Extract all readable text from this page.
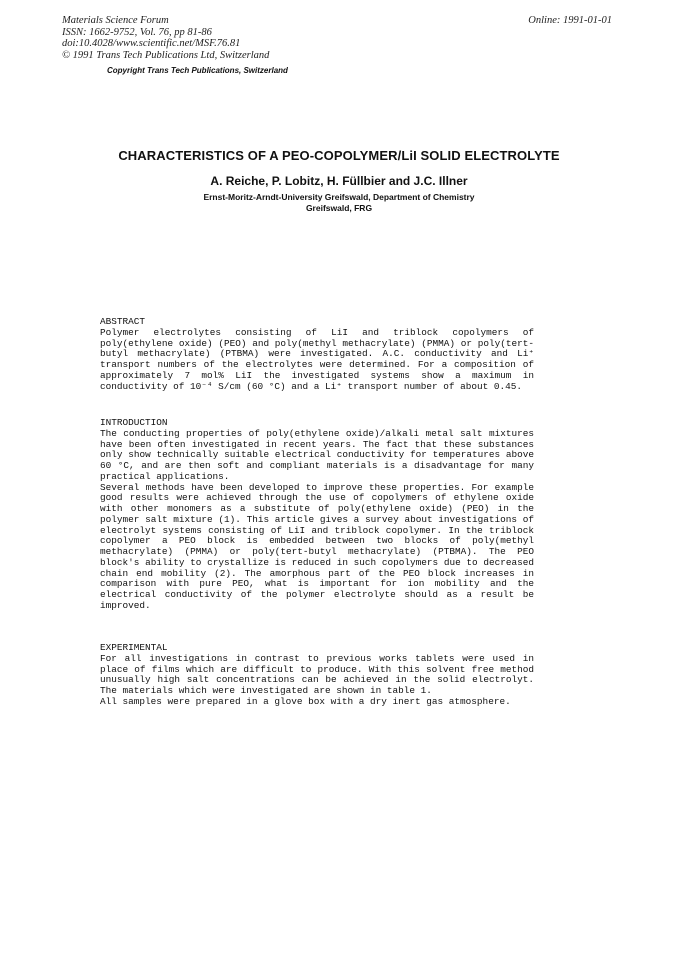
Materials Science Forum
ISSN: 1662-9752, Vol. 76, pp 81-86
doi:10.4028/www.scientific.net/MSF.76.81
© 1991 Trans Tech Publications Ltd, Switzerland
Online: 1991-01-01
Copyright Trans Tech Publications, Switzerland
CHARACTERISTICS OF A PEO-COPOLYMER/LiI SOLID ELECTROLYTE
A. Reiche, P. Lobitz, H. Füllbier and J.C. Illner
Ernst-Moritz-Arndt-University Greifswald, Department of Chemistry
Greifswald, FRG
ABSTRACT
Polymer electrolytes consisting of LiI and triblock copolymers of poly(ethylene oxide) (PEO) and poly(methyl methacrylate) (PMMA) or poly(tert-butyl methacrylate) (PTBMA) were investigated. A.C. conductivity and Li⁺ transport numbers of the electrolytes were determined. For a composition of approximately 7 mol% LiI the investigated systems show a maximum in conductivity of 10⁻⁴ S/cm (60 °C) and a Li⁺ transport number of about 0.45.
INTRODUCTION
The conducting properties of poly(ethylene oxide)/alkali metal salt mixtures have been often investigated in recent years. The fact that these substances only show technically suitable electrical conductivity for temperatures above 60 °C, and are then soft and compliant materials is a disadvantage for many practical applications.
Several methods have been developed to improve these properties. For example good results were achieved through the use of copolymers of ethylene oxide with other monomers as a substitute of poly(ethylene oxide) (PEO) in the polymer salt mixture (1). This article gives a survey about investigations of electrolyt systems consisting of LiI and triblock copolymer. In the triblock copolymer a PEO block is embedded between two blocks of poly(methyl methacrylate) (PMMA) or poly(tert-butyl methacrylate) (PTBMA). The PEO block's ability to crystallize is reduced in such copolymers due to decreased chain end mobility (2). The amorphous part of the PEO block increases in comparison with pure PEO, what is important for ion mobility and the electrical conductivity of the polymer electrolyte should as a result be improved.
EXPERIMENTAL
For all investigations in contrast to previous works tablets were used in place of films which are difficult to produce. With this solvent free method unusually high salt concentrations can be achieved in the solid electrolyt. The materials which were investigated are shown in table 1.
All samples were prepared in a glove box with a dry inert gas atmosphere.
